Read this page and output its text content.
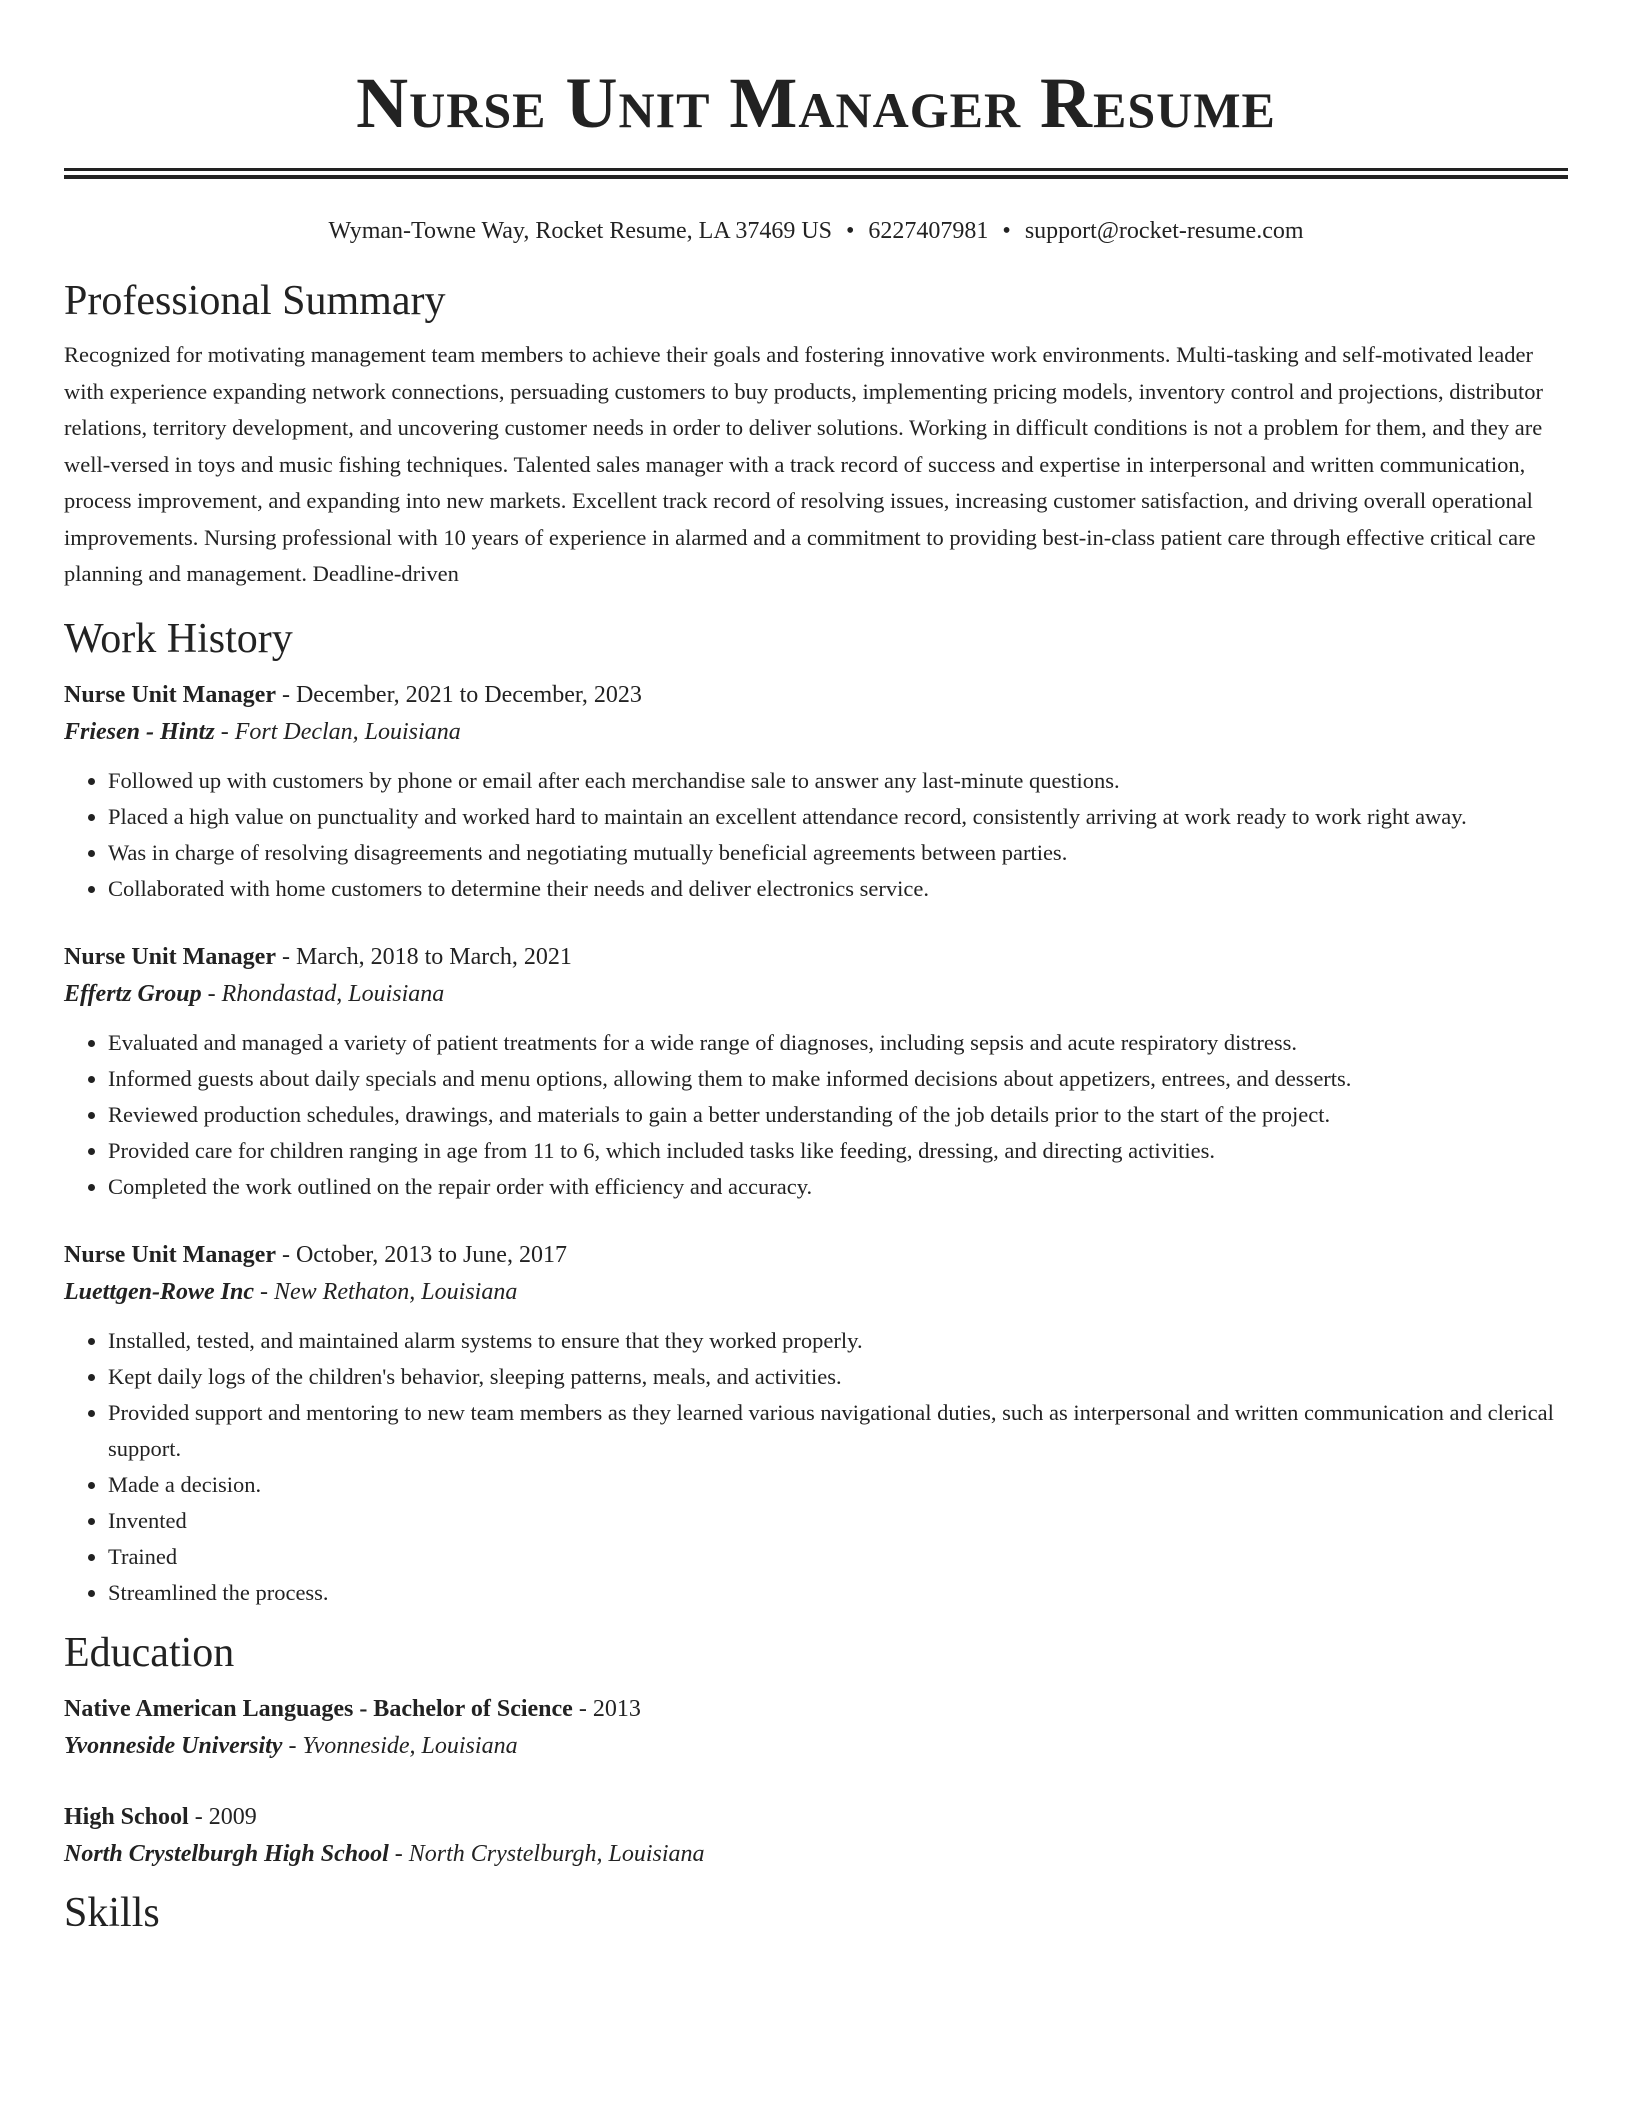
Nurse Unit Manager Resume
Wyman-Towne Way, Rocket Resume, LA 37469 US • 6227407981 • support@rocket-resume.com
Professional Summary

Recognized for motivating management team members to achieve their goals and fostering innovative work environments. Multi-tasking and self-motivated leader with experience expanding network connections, persuading customers to buy products, implementing pricing models, inventory control and projections, distributor relations, territory development, and uncovering customer needs in order to deliver solutions. Working in difficult conditions is not a problem for them, and they are well-versed in toys and music fishing techniques. Talented sales manager with a track record of success and expertise in interpersonal and written communication, process improvement, and expanding into new markets. Excellent track record of resolving issues, increasing customer satisfaction, and driving overall operational improvements. Nursing professional with 10 years of experience in alarmed and a commitment to providing best-in-class patient care through effective critical care planning and management. Deadline-driven

Work History
Nurse Unit Manager - December, 2021 to December, 2023
Friesen - Hintz - Fort Declan, Louisiana
• Followed up with customers by phone or email after each merchandise sale to answer any last-minute questions.
• Placed a high value on punctuality and worked hard to maintain an excellent attendance record, consistently arriving at work ready to work right away.
• Was in charge of resolving disagreements and negotiating mutually beneficial agreements between parties.
• Collaborated with home customers to determine their needs and deliver electronics service.
Nurse Unit Manager - March, 2018 to March, 2021
Effertz Group - Rhondastad, Louisiana
• Evaluated and managed a variety of patient treatments for a wide range of diagnoses, including sepsis and acute respiratory distress.
• Informed guests about daily specials and menu options, allowing them to make informed decisions about appetizers, entrees, and desserts.
• Reviewed production schedules, drawings, and materials to gain a better understanding of the job details prior to the start of the project.
• Provided care for children ranging in age from 11 to 6, which included tasks like feeding, dressing, and directing activities.
• Completed the work outlined on the repair order with efficiency and accuracy.
Nurse Unit Manager - October, 2013 to June, 2017
Luettgen-Rowe Inc - New Rethaton, Louisiana
• Installed, tested, and maintained alarm systems to ensure that they worked properly.
• Kept daily logs of the children's behavior, sleeping patterns, meals, and activities.
• Provided support and mentoring to new team members as they learned various navigational duties, such as interpersonal and written communication and clerical support.
• Made a decision.
• Invented
• Trained
• Streamlined the process.
Education
Native American Languages - Bachelor of Science - 2013
Yvonneside University - Yvonneside, Louisiana
High School - 2009
North Crystelburgh High School - North Crystelburgh, Louisiana
Skills
